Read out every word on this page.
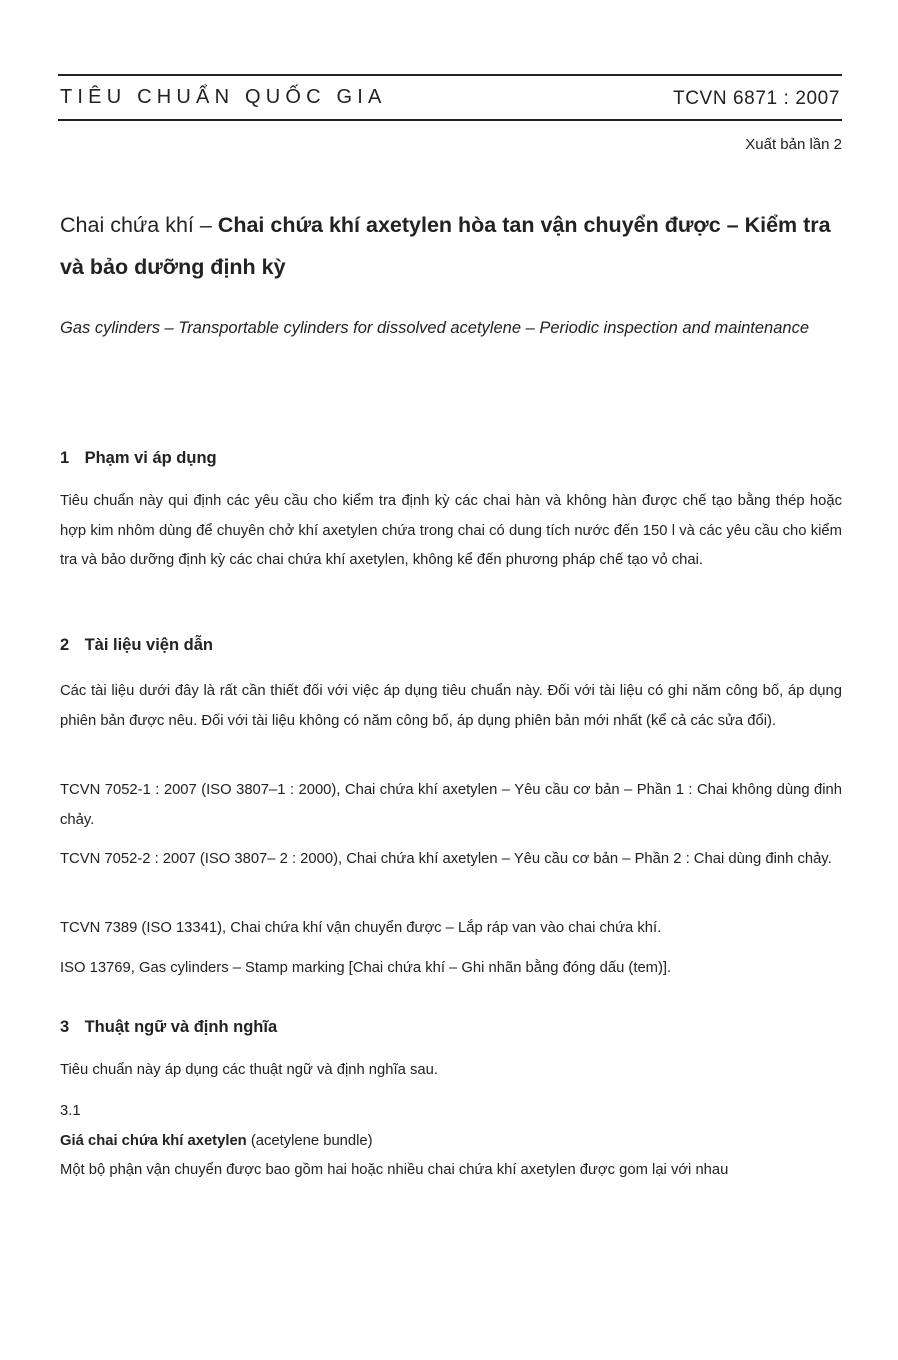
TIÊU CHUẨN QUỐC GIA	TCVN 6871 : 2007
Xuất bản lần 2
Chai chứa khí – Chai chứa khí axetylen hòa tan vận chuyển được – Kiểm tra và bảo dưỡng định kỳ

Gas cylinders – Transportable cylinders for dissolved acetylene – Periodic inspection and maintenance

1 Phạm vi áp dụng

Tiêu chuẩn này qui định các yêu cầu cho kiểm tra định kỳ các chai hàn và không hàn được chế tạo bằng thép hoặc hợp kim nhôm dùng để chuyên chở khí axetylen chứa trong chai có dung tích nước đến 150 l và các yêu cầu cho kiểm tra và bảo dưỡng định kỳ các chai chứa khí axetylen, không kể đến phương pháp chế tạo vỏ chai.

2 Tài liệu viện dẫn

Các tài liệu dưới đây là rất cần thiết đối với việc áp dụng tiêu chuẩn này. Đối với tài liệu có ghi năm công bố, áp dụng phiên bản được nêu. Đối với tài liệu không có năm công bố, áp dụng phiên bản mới nhất (kể cả các sửa đổi).

TCVN 7052-1 : 2007 (ISO 3807–1 : 2000), Chai chứa khí axetylen – Yêu cầu cơ bản – Phần 1 : Chai không dùng đinh chảy.

TCVN 7052-2 : 2007 (ISO 3807– 2 : 2000), Chai chứa khí axetylen – Yêu cầu cơ bản – Phần 2 : Chai dùng đinh chảy.

TCVN 7389 (ISO 13341), Chai chứa khí vận chuyển được – Lắp ráp van vào chai chứa khí.

ISO 13769, Gas cylinders – Stamp marking [Chai chứa khí – Ghi nhãn bằng đóng dấu (tem)].

3 Thuật ngữ và định nghĩa

Tiêu chuẩn này áp dụng các thuật ngữ và định nghĩa sau.

3.1

Giá chai chứa khí axetylen (acetylene bundle)

Một bộ phận vận chuyển được bao gồm hai hoặc nhiều chai chứa khí axetylen được gom lại với nhau
